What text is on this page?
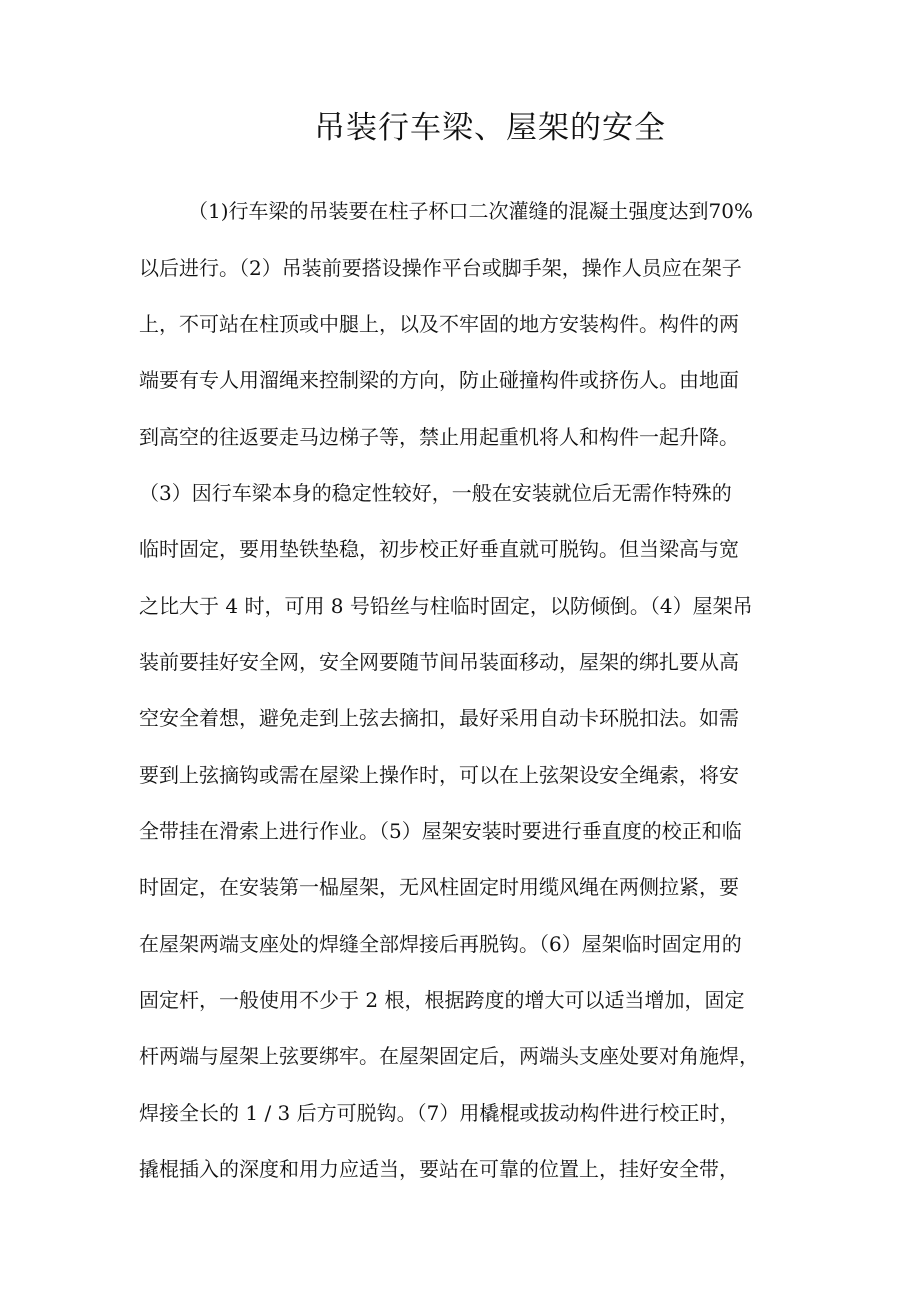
吊装行车梁、屋架的安全
（1)行车梁的吊装要在柱子杯口二次灌缝的混凝土强度达到70%
以后进行。（2）吊装前要搭设操作平台或脚手架，操作人员应在架子
上，不可站在柱顶或中腿上，以及不牢固的地方安装构件。构件的两
端要有专人用溜绳来控制梁的方向，防止碰撞构件或挤伤人。由地面
到高空的往返要走马边梯子等，禁止用起重机将人和构件一起升降。
（3）因行车梁本身的稳定性较好，一般在安装就位后无需作特殊的
临时固定，要用垫铁垫稳，初步校正好垂直就可脱钩。但当梁高与宽
之比大于 4 时，可用 8 号铅丝与柱临时固定，以防倾倒。（4）屋架吊
装前要挂好安全网，安全网要随节间吊装面移动，屋架的绑扎要从高
空安全着想，避免走到上弦去摘扣，最好采用自动卡环脱扣法。如需
要到上弦摘钩或需在屋梁上操作时，可以在上弦架设安全绳索，将安
全带挂在滑索上进行作业。（5）屋架安装时要进行垂直度的校正和临
时固定，在安装第一榀屋架，无风柱固定时用缆风绳在两侧拉紧，要
在屋架两端支座处的焊缝全部焊接后再脱钩。（6）屋架临时固定用的
固定杆，一般使用不少于 2 根，根据跨度的增大可以适当增加，固定
杆两端与屋架上弦要绑牢。在屋架固定后，两端头支座处要对角施焊，
焊接全长的 1 / 3 后方可脱钩。（7）用橇棍或拔动构件进行校正时，
撬棍插入的深度和用力应适当，要站在可靠的位置上，挂好安全带，
